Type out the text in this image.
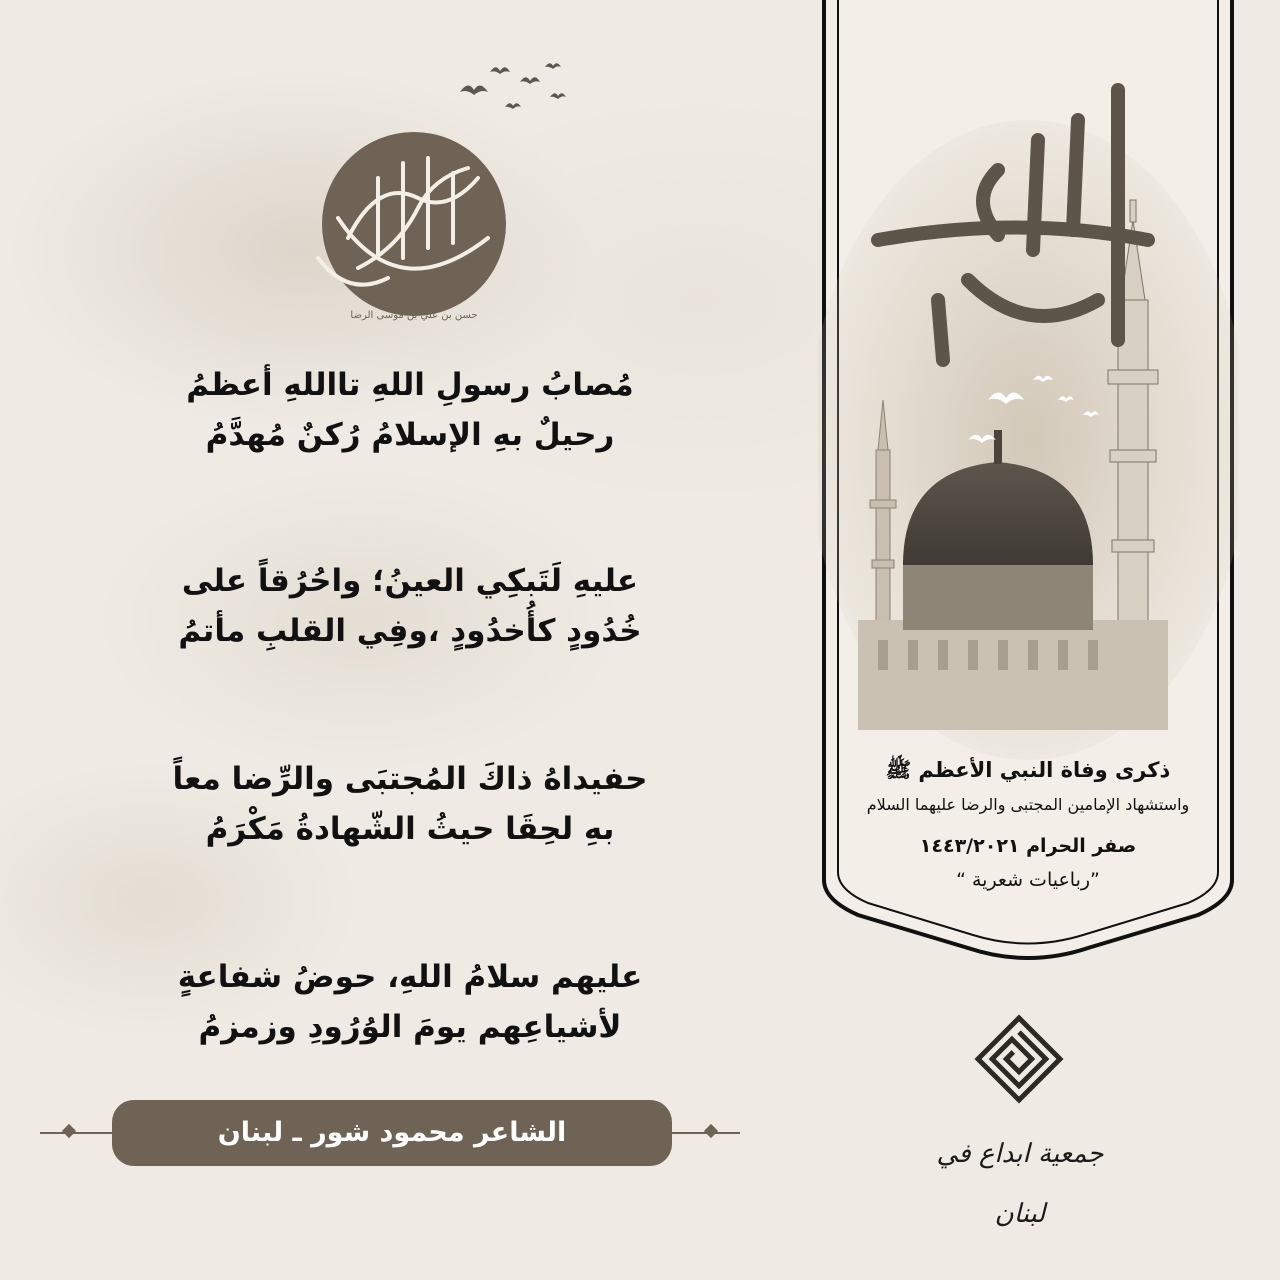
حسن بن علي بن موسى الرضا
مُصابُ رسولِ اللهِ تااللهِ أعظمُ
رحيلٌ بهِ الإسلامُ رُكنٌ مُهدَّمُ
عليهِ لَتَبكِي العينُ؛ واحُرُقاً على
خُدُودٍ كأُخدُودٍ ،وفِي القلبِ مأتمُ
حفيداهُ ذاكَ المُجتبَى والرِّضا معاً
بهِ لحِقَا حيثُ الشّهادةُ مَكْرَمُ
عليهم سلامُ اللهِ، حوضُ شفاعةٍ
لأشياعِهم يومَ الوُرُودِ وزمزمُ
الشاعر محمود شور ـ لبنان
ذكرى وفاة النبي الأعظم ﷺ
واستشهاد الإمامين المجتبى والرضا عليهما السلام
صفر الحرام ١٤٤٣/٢٠٢١
”رباعيات شعرية “
جمعية ابداع في لبنان
